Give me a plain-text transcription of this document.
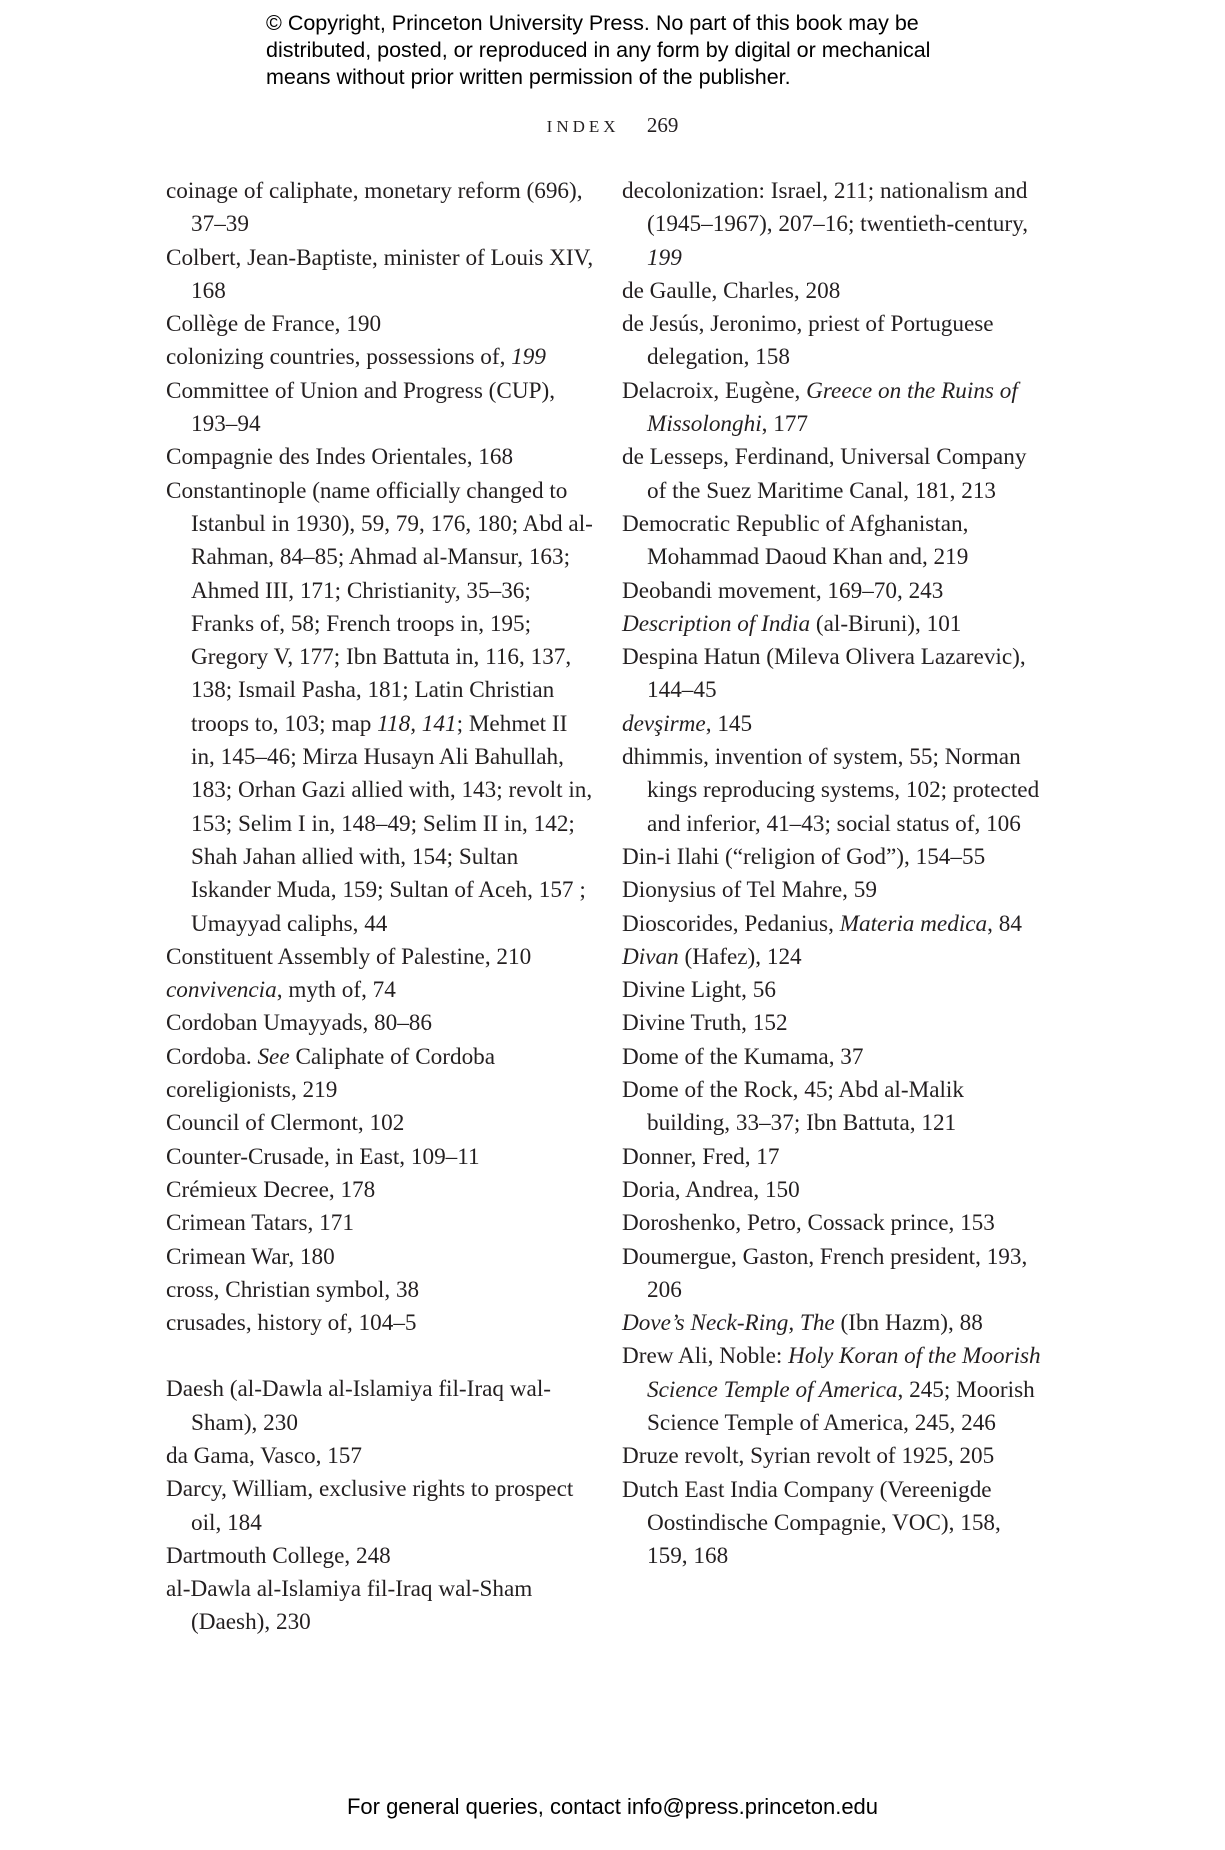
© Copyright, Princeton University Press. No part of this book may be
distributed, posted, or reproduced in any form by digital or mechanical
means without prior written permission of the publisher.
INDEX 269

coinage of caliphate, monetary reform (696), 37–39

Colbert, Jean-Baptiste, minister of Louis XIV, 168

Collège de France, 190

colonizing countries, possessions of, 199

Committee of Union and Progress (CUP), 193–94

Compagnie des Indes Orientales, 168

Constantinople (name officially changed to Istanbul in 1930), 59, 79, 176, 180; Abd al-Rahman, 84–85; Ahmad al-Mansur, 163; Ahmed III, 171; Christianity, 35–36; Franks of, 58; French troops in, 195; Gregory V, 177; Ibn Battuta in, 116, 137, 138; Ismail Pasha, 181; Latin Christian troops to, 103; map 118, 141; Mehmet II in, 145–46; Mirza Husayn Ali Bahullah, 183; Orhan Gazi allied with, 143; revolt in, 153; Selim I in, 148–49; Selim II in, 142; Shah Jahan allied with, 154; Sultan Iskander Muda, 159; Sultan of Aceh, 157 ; Umayyad caliphs, 44

Constituent Assembly of Palestine, 210

convivencia, myth of, 74

Cordoban Umayyads, 80–86

Cordoba. See Caliphate of Cordoba

coreligionists, 219

Council of Clermont, 102

Counter-Crusade, in East, 109–11

Crémieux Decree, 178

Crimean Tatars, 171

Crimean War, 180

cross, Christian symbol, 38

crusades, history of, 104–5

Daesh (al-Dawla al-Islamiya fil-Iraq wal-Sham), 230

da Gama, Vasco, 157

Darcy, William, exclusive rights to prospect oil, 184

Dartmouth College, 248

al-Dawla al-Islamiya fil-Iraq wal-Sham (Daesh), 230

decolonization: Israel, 211; nationalism and (1945–1967), 207–16; twentieth-century, 199

de Gaulle, Charles, 208

de Jesús, Jeronimo, priest of Portuguese delegation, 158

Delacroix, Eugène, Greece on the Ruins of Missolonghi, 177

de Lesseps, Ferdinand, Universal Company of the Suez Maritime Canal, 181, 213

Democratic Republic of Afghanistan, Mohammad Daoud Khan and, 219

Deobandi movement, 169–70, 243

Description of India (al-Biruni), 101

Despina Hatun (Mileva Olivera Lazarevic), 144–45

devşirme, 145

dhimmis, invention of system, 55; Norman kings reproducing systems, 102; protected and inferior, 41–43; social status of, 106

Din-i Ilahi (“religion of God”), 154–55

Dionysius of Tel Mahre, 59

Dioscorides, Pedanius, Materia medica, 84

Divan (Hafez), 124

Divine Light, 56

Divine Truth, 152

Dome of the Kumama, 37

Dome of the Rock, 45; Abd al-Malik building, 33–37; Ibn Battuta, 121

Donner, Fred, 17

Doria, Andrea, 150

Doroshenko, Petro, Cossack prince, 153

Doumergue, Gaston, French president, 193, 206

Dove’s Neck-Ring, The (Ibn Hazm), 88

Drew Ali, Noble: Holy Koran of the Moorish Science Temple of America, 245; Moorish Science Temple of America, 245, 246

Druze revolt, Syrian revolt of 1925, 205

Dutch East India Company (Vereenigde Oostindische Compagnie, VOC), 158, 159, 168

For general queries, contact info@press.princeton.edu
